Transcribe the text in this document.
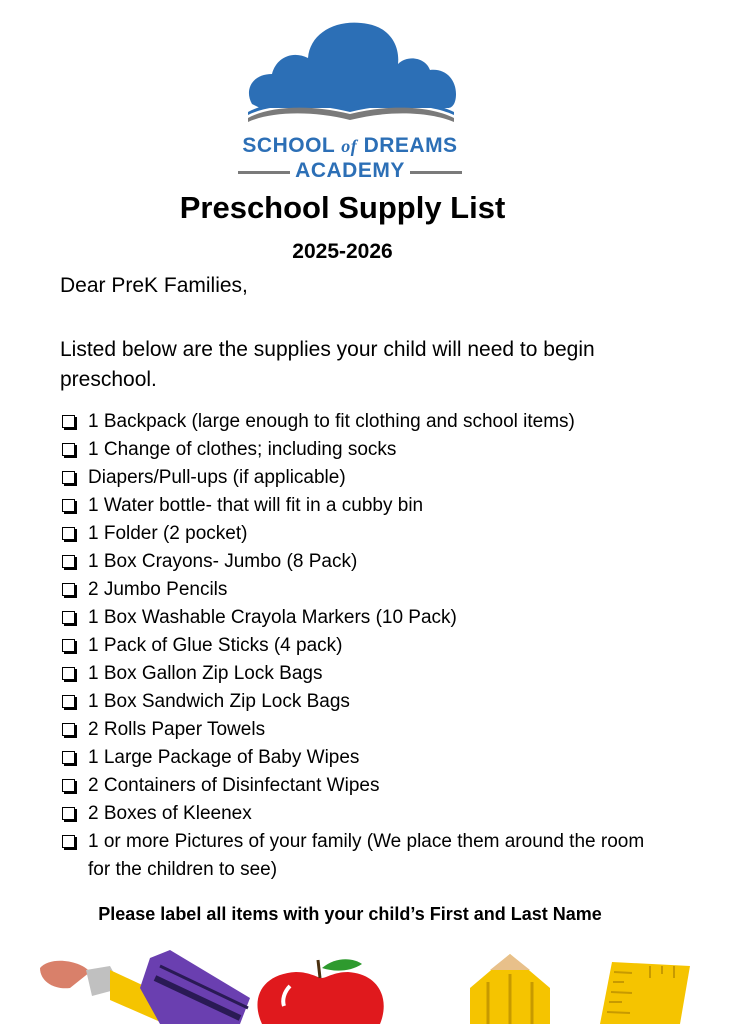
SCHOOL of DREAMS
ACADEMY
Preschool Supply List
2025-2026
Dear PreK Families,
Listed below are the supplies your child will need to begin preschool.
1 Backpack (large enough to fit clothing and school items)
1 Change of clothes; including socks
Diapers/Pull-ups (if applicable)
1 Water bottle- that will fit in a cubby bin
1 Folder (2 pocket)
1 Box Crayons- Jumbo (8 Pack)
2 Jumbo Pencils
1 Box Washable Crayola Markers (10 Pack)
1 Pack of Glue Sticks (4 pack)
1 Box Gallon Zip Lock Bags
1 Box Sandwich Zip Lock Bags
2 Rolls Paper Towels
1 Large Package of Baby Wipes
2 Containers of Disinfectant Wipes
2 Boxes of Kleenex
1 or more Pictures of your family (We place them around the room for the children to see)
Please label all items with your child’s First and Last Name
